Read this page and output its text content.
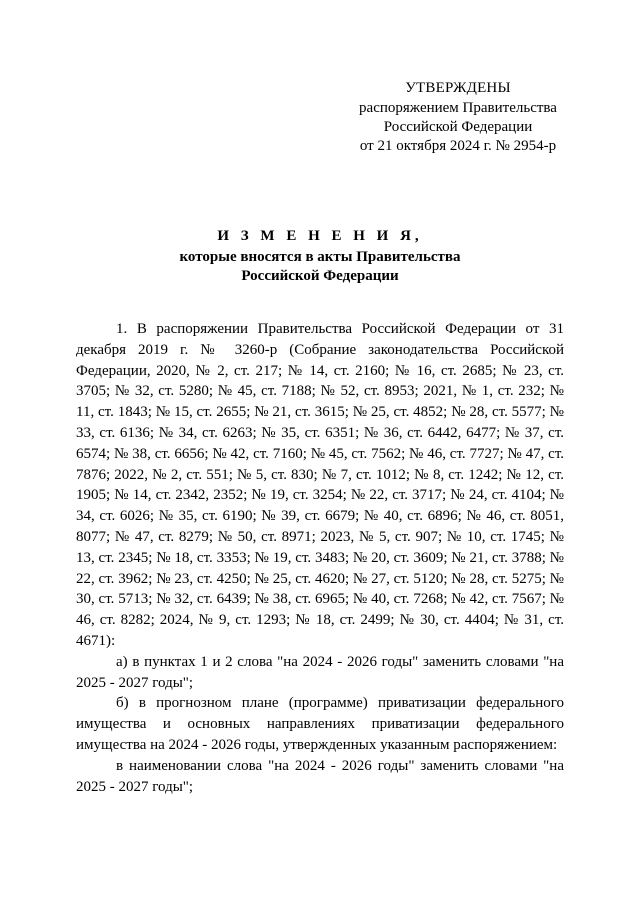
УТВЕРЖДЕНЫ
распоряжением Правительства
Российской Федерации
от 21 октября 2024 г. № 2954-р
И З М Е Н Е Н И Я,
которые вносятся в акты Правительства
Российской Федерации

1. В распоряжении Правительства Российской Федерации от 31 декабря 2019 г. № 3260-р (Собрание законодательства Российской Федерации, 2020, № 2, ст. 217; № 14, ст. 2160; № 16, ст. 2685; № 23, ст. 3705; № 32, ст. 5280; № 45, ст. 7188; № 52, ст. 8953; 2021, № 1, ст. 232; № 11, ст. 1843; № 15, ст. 2655; № 21, ст. 3615; № 25, ст. 4852; № 28, ст. 5577; № 33, ст. 6136; № 34, ст. 6263; № 35, ст. 6351; № 36, ст. 6442, 6477; № 37, ст. 6574; № 38, ст. 6656; № 42, ст. 7160; № 45, ст. 7562; № 46, ст. 7727; № 47, ст. 7876; 2022, № 2, ст. 551; № 5, ст. 830; № 7, ст. 1012; № 8, ст. 1242; № 12, ст. 1905; № 14, ст. 2342, 2352; № 19, ст. 3254; № 22, ст. 3717; № 24, ст. 4104; № 34, ст. 6026; № 35, ст. 6190; № 39, ст. 6679; № 40, ст. 6896; № 46, ст. 8051, 8077; № 47, ст. 8279; № 50, ст. 8971; 2023, № 5, ст. 907; № 10, ст. 1745; № 13, ст. 2345; № 18, ст. 3353; № 19, ст. 3483; № 20, ст. 3609; № 21, ст. 3788; № 22, ст. 3962; № 23, ст. 4250; № 25, ст. 4620; № 27, ст. 5120; № 28, ст. 5275; № 30, ст. 5713; № 32, ст. 6439; № 38, ст. 6965; № 40, ст. 7268; № 42, ст. 7567; № 46, ст. 8282; 2024, № 9, ст. 1293; № 18, ст. 2499; № 30, ст. 4404; № 31, ст. 4671):

а) в пунктах 1 и 2 слова "на 2024 - 2026 годы" заменить словами "на 2025 - 2027 годы";

б) в прогнозном плане (программе) приватизации федерального имущества и основных направлениях приватизации федерального имущества на 2024 - 2026 годы, утвержденных указанным распоряжением:

в наименовании слова "на 2024 - 2026 годы" заменить словами "на 2025 - 2027 годы";
